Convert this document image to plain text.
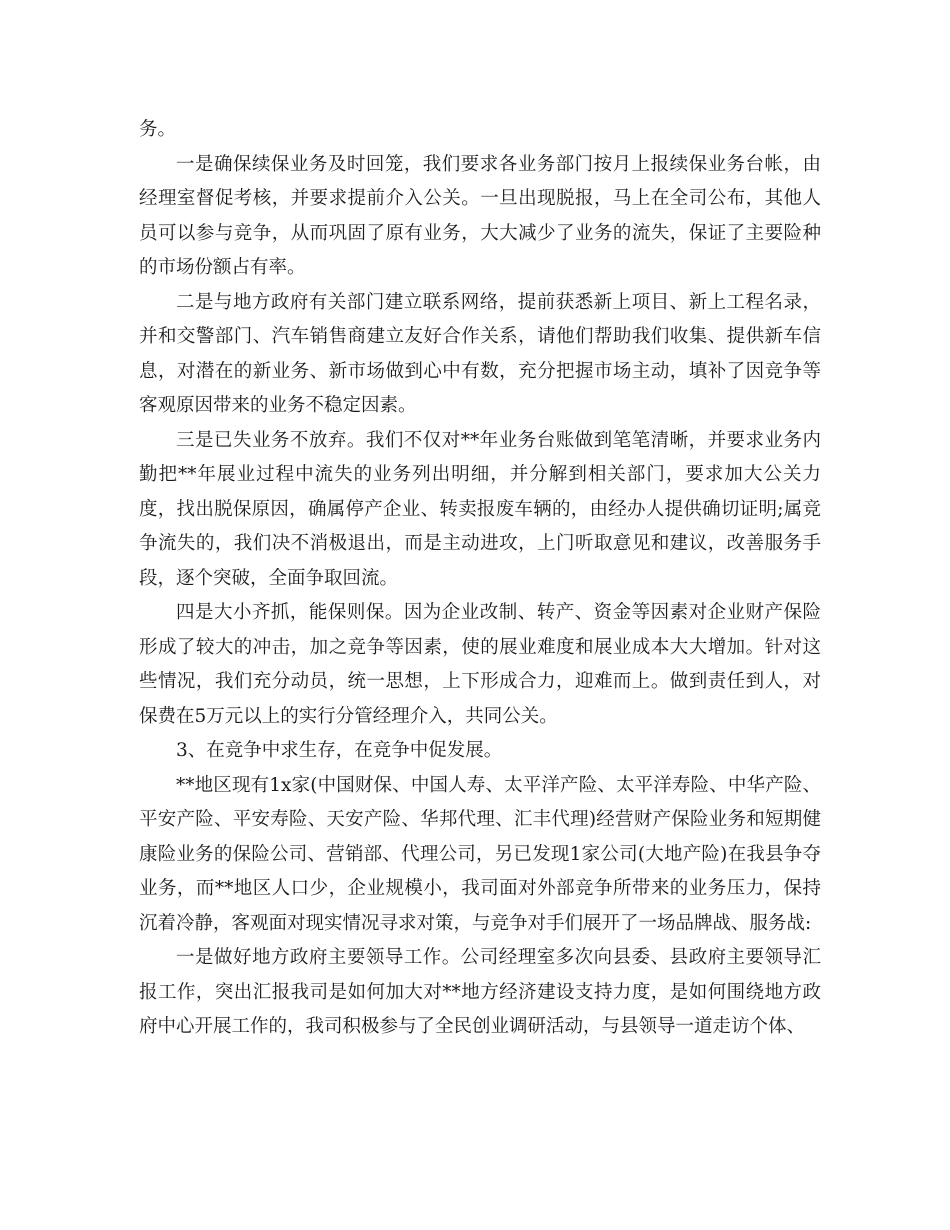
务。

一是确保续保业务及时回笼，我们要求各业务部门按月上报续保业务台帐，由经理室督促考核，并要求提前介入公关。一旦出现脱报，马上在全司公布，其他人员可以参与竞争，从而巩固了原有业务，大大减少了业务的流失，保证了主要险种的市场份额占有率。

二是与地方政府有关部门建立联系网络，提前获悉新上项目、新上工程名录，并和交警部门、汽车销售商建立友好合作关系，请他们帮助我们收集、提供新车信息，对潜在的新业务、新市场做到心中有数，充分把握市场主动，填补了因竞争等客观原因带来的业务不稳定因素。

三是已失业务不放弃。我们不仅对**年业务台账做到笔笔清晰，并要求业务内勤把**年展业过程中流失的业务列出明细，并分解到相关部门，要求加大公关力度，找出脱保原因，确属停产企业、转卖报废车辆的，由经办人提供确切证明;属竞争流失的，我们决不消极退出，而是主动进攻，上门听取意见和建议，改善服务手段，逐个突破，全面争取回流。

四是大小齐抓，能保则保。因为企业改制、转产、资金等因素对企业财产保险形成了较大的冲击，加之竞争等因素，使的展业难度和展业成本大大增加。针对这些情况，我们充分动员，统一思想，上下形成合力，迎难而上。做到责任到人，对保费在5万元以上的实行分管经理介入，共同公关。

3、在竞争中求生存，在竞争中促发展。

**地区现有1x家(中国财保、中国人寿、太平洋产险、太平洋寿险、中华产险、平安产险、平安寿险、天安产险、华邦代理、汇丰代理)经营财产保险业务和短期健康险业务的保险公司、营销部、代理公司，另已发现1家公司(大地产险)在我县争夺业务，而**地区人口少，企业规模小，我司面对外部竞争所带来的业务压力，保持沉着冷静，客观面对现实情况寻求对策，与竞争对手们展开了一场品牌战、服务战:

一是做好地方政府主要领导工作。公司经理室多次向县委、县政府主要领导汇报工作，突出汇报我司是如何加大对**地方经济建设支持力度，是如何围绕地方政府中心开展工作的，我司积极参与了全民创业调研活动，与县领导一道走访个体、
